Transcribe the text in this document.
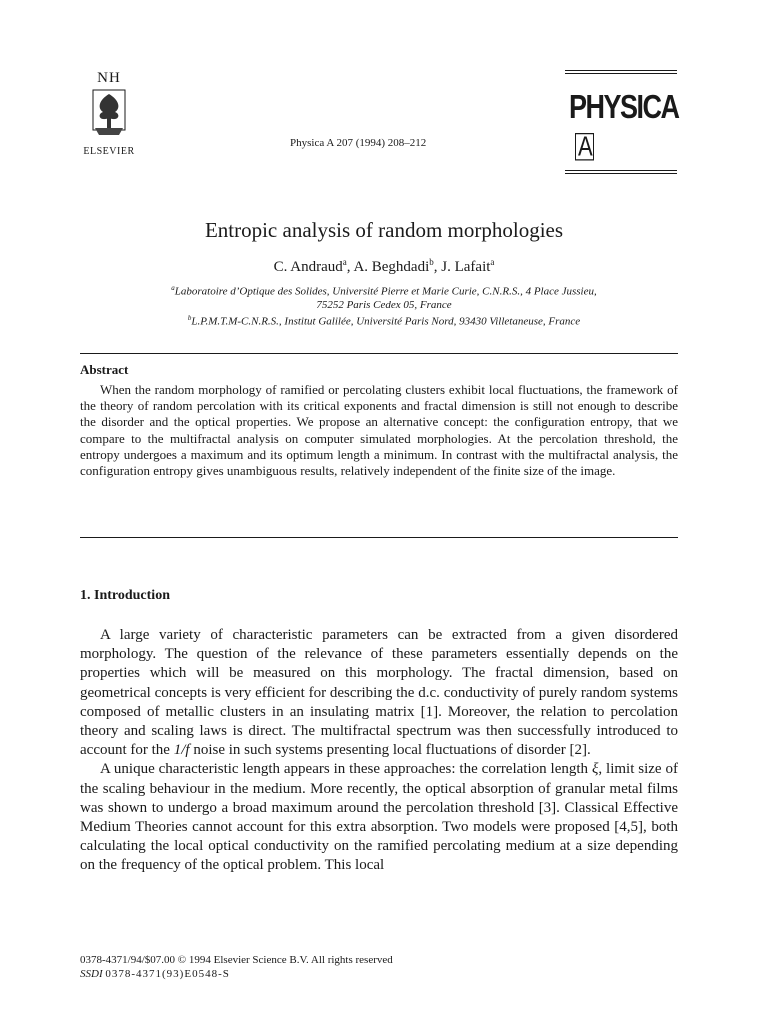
NH
ELSEVIER
Physica A 207 (1994) 208–212
PHYSICAA
Entropic analysis of random morphologies
C. Andraud$^a$, A. Beghdadi$^b$, J. Lafait$^a$
$^a$Laboratoire d’Optique des Solides, Université Pierre et Marie Curie, C.N.R.S., 4 Place Jussieu,
75252 Paris Cedex 05, France
$^b$L.P.M.T.M-C.N.R.S., Institut Galilée, Université Paris Nord, 93430 Villetaneuse, France
Abstract
When the random morphology of ramified or percolating clusters exhibit local fluctuations, the framework of the theory of random percolation with its critical exponents and fractal dimension is still not enough to describe the disorder and the optical properties. We propose an alternative concept: the configuration entropy, that we compare to the multifractal analysis on computer simulated morphologies. At the percolation threshold, the entropy undergoes a maximum and its optimum length a minimum. In contrast with the multifractal analysis, the configuration entropy gives unambiguous results, relatively independent of the finite size of the image.
1. Introduction

A large variety of characteristic parameters can be extracted from a given disordered morphology. The question of the relevance of these parameters essentially depends on the properties which will be measured on this morphology. The fractal dimension, based on geometrical concepts is very efficient for describing the d.c. conductivity of purely random systems composed of metallic clusters in an insulating matrix [1]. Moreover, the relation to percolation theory and scaling laws is direct. The multifractal spectrum was then successfully introduced to account for the 1/f noise in such systems presenting local fluctuations of disorder [2].

A unique characteristic length appears in these approaches: the correlation length ξ, limit size of the scaling behaviour in the medium. More recently, the optical absorption of granular metal films was shown to undergo a broad maximum around the percolation threshold [3]. Classical Effective Medium Theories cannot account for this extra absorption. Two models were proposed [4,5], both calculating the local optical conductivity on the ramified percolating medium at a size depending on the frequency of the optical problem. This local

0378-4371/94/$07.00 © 1994 Elsevier Science B.V. All rights reserved
SSDI 0378-4371(93)E0548-S
